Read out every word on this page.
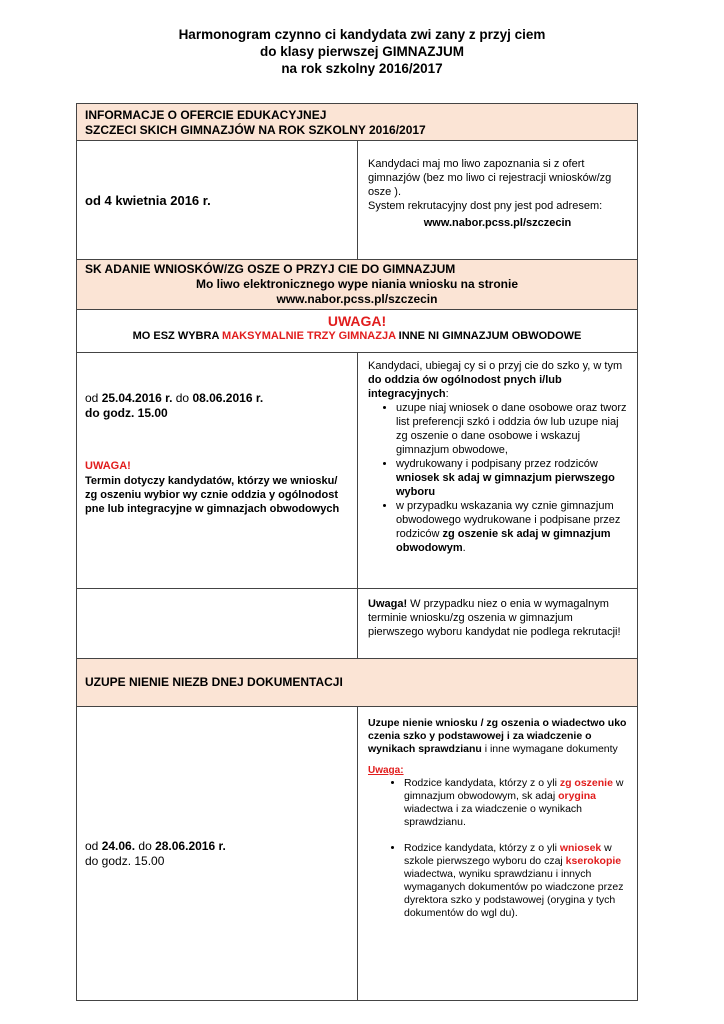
Harmonogram czynno ci kandydata zwi zany z przyj ciem
do klasy pierwszej GIMNAZJUM
na rok szkolny 2016/2017
INFORMACJE O OFERCIE EDUKACYJNEJ
SZCZECI SKICH GIMNAZJÓW NA ROK SZKOLNY 2016/2017
od 4 kwietnia 2016 r.
Kandydaci maj mo liwo zapoznania si z ofert gimnazjów (bez mo liwo ci rejestracji wniosków/zg osze ).
System rekrutacyjny dost pny jest pod adresem:
www.nabor.pcss.pl/szczecin
SK ADANIE WNIOSKÓW/ZG OSZE O PRZYJ CIE DO GIMNAZJUM
Mo liwo elektronicznego wype niania wniosku na stronie
www.nabor.pcss.pl/szczecin
UWAGA!
MO ESZ WYBRA MAKSYMALNIE TRZY GIMNAZJA INNE NI GIMNAZJUM OBWODOWE
od 25.04.2016 r. do 08.06.2016 r.
do godz. 15.00
UWAGA!
Termin dotyczy kandydatów, którzy we wniosku/ zg oszeniu wybior wy cznie oddzia y ogólnodost pne lub integracyjne w gimnazjach obwodowych
Kandydaci, ubiegaj cy si o przyj cie do szko y, w tym do oddzia ów ogólnodost pnych i/lub integracyjnych:
• uzupe niaj wniosek o dane osobowe oraz tworz list preferencji szkó i oddzia ów lub uzupe niaj zg oszenie o dane osobowe i wskazuj gimnazjum obwodowe,
• wydrukowany i podpisany przez rodziców wniosek sk adaj w gimnazjum pierwszego wyboru
• w przypadku wskazania wy cznie gimnazjum obwodowego wydrukowane i podpisane przez rodziców zg oszenie sk adaj w gimnazjum obwodowym.
Uwaga! W przypadku niez o enia w wymagalnym terminie wniosku/zg oszenia w gimnazjum pierwszego wyboru kandydat nie podlega rekrutacji!
UZUPE NIENIE NIEZB DNEJ DOKUMENTACJI
od 24.06. do 28.06.2016 r.
do godz. 15.00
Uzupe nienie wniosku / zg oszenia o wiadectwo uko czenia szko y podstawowej i za wiadczenie o wynikach sprawdzianu i inne wymagane dokumenty
Uwaga:
• Rodzice kandydata, którzy z o yli zg oszenie w gimnazjum obwodowym, sk adaj orygina wiadectwa i za wiadczenie o wynikach sprawdzianu.
• Rodzice kandydata, którzy z o yli wniosek w szkole pierwszego wyboru do czaj kserokopie wiadectwa, wyniku sprawdzianu i innych wymaganych dokumentów po wiadczone przez dyrektora szko y podstawowej (orygina y tych dokumentów do wgl du).
